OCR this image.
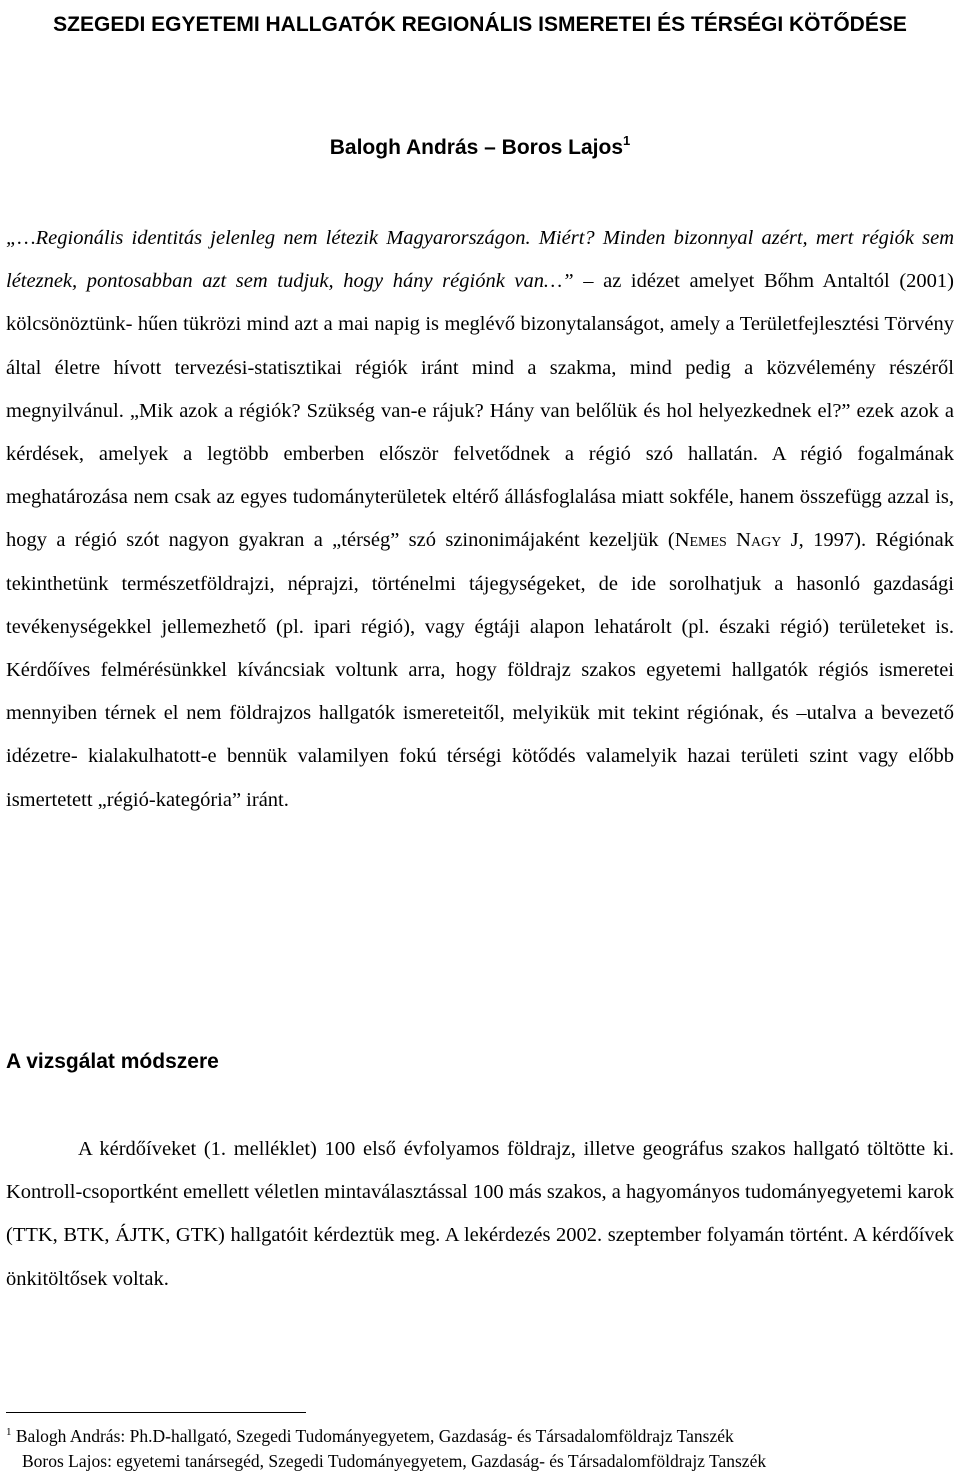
SZEGEDI EGYETEMI HALLGATÓK REGIONÁLIS ISMERETEI ÉS TÉRSÉGI KÖTŐDÉSE
Balogh András – Boros Lajos$^1$

„…Regionális identitás jelenleg nem létezik Magyarországon. Miért? Minden bizonnyal azért, mert régiók sem léteznek, pontosabban azt sem tudjuk, hogy hány régiónk van…” – az idézet amelyet Bőhm Antaltól (2001) kölcsönöztünk- hűen tükrözi mind azt a mai napig is meglévő bizonytalanságot, amely a Területfejlesztési Törvény által életre hívott tervezési-statisztikai régiók iránt mind a szakma, mind pedig a közvélemény részéről megnyilvánul. „Mik azok a régiók? Szükség van-e rájuk? Hány van belőlük és hol helyezkednek el?” ezek azok a kérdések, amelyek a legtöbb emberben először felvetődnek a régió szó hallatán. A régió fogalmának meghatározása nem csak az egyes tudományterületek eltérő állásfoglalása miatt sokféle, hanem összefügg azzal is, hogy a régió szót nagyon gyakran a „térség” szó szinonimájaként kezeljük (Nemes Nagy J, 1997). Régiónak tekinthetünk természetföldrajzi, néprajzi, történelmi tájegységeket, de ide sorolhatjuk a hasonló gazdasági tevékenységekkel jellemezhető (pl. ipari régió), vagy égtáji alapon lehatárolt (pl. északi régió) területeket is. Kérdőíves felmérésünkkel kíváncsiak voltunk arra, hogy földrajz szakos egyetemi hallgatók régiós ismeretei mennyiben térnek el nem földrajzos hallgatók ismereteitől, melyikük mit tekint régiónak, és –utalva a bevezető idézetre- kialakulhatott-e bennük valamilyen fokú térségi kötődés valamelyik hazai területi szint vagy előbb ismertetett „régió-kategória” iránt.

A vizsgálat módszere

A kérdőíveket (1. melléklet) 100 első évfolyamos földrajz, illetve geográfus szakos hallgató töltötte ki. Kontroll-csoportként emellett véletlen mintaválasztással 100 más szakos, a hagyományos tudományegyetemi karok (TTK, BTK, ÁJTK, GTK) hallgatóit kérdeztük meg. A lekérdezés 2002. szeptember folyamán történt. A kérdőívek önkitöltősek voltak.

$^1$ Balogh András: Ph.D-hallgató, Szegedi Tudományegyetem, Gazdaság- és Társadalomföldrajz Tanszék
Boros Lajos: egyetemi tanársegéd, Szegedi Tudományegyetem, Gazdaság- és Társadalomföldrajz Tanszék
